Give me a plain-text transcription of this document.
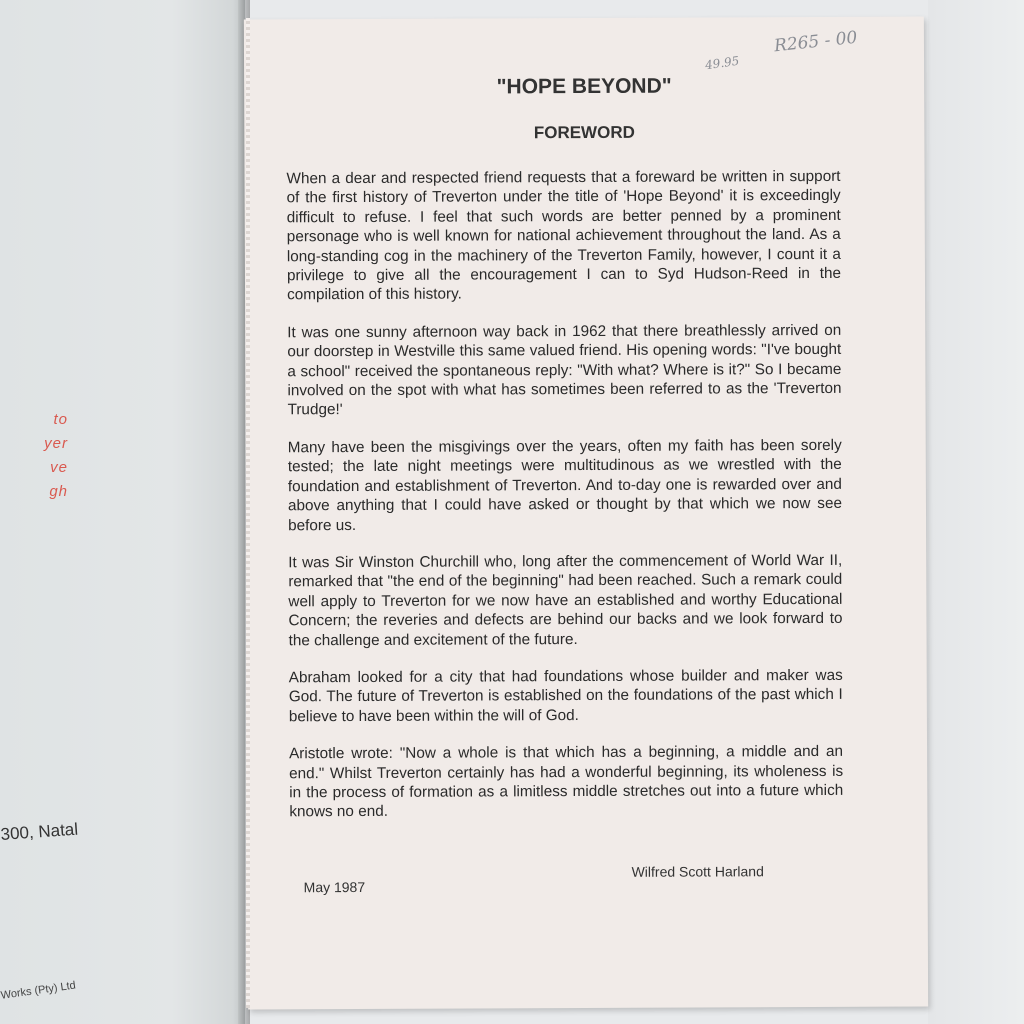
to
yer
ve
gh
300, Natal
Works (Pty) Ltd
"HOPE BEYOND"
FOREWORD

When a dear and respected friend requests that a foreward be written in support of the first history of Treverton under the title of 'Hope Beyond' it is exceedingly difficult to refuse. I feel that such words are better penned by a prominent personage who is well known for national achievement throughout the land. As a long-standing cog in the machinery of the Treverton Family, however, I count it a privilege to give all the encouragement I can to Syd Hudson-Reed in the compilation of this history.

It was one sunny afternoon way back in 1962 that there breathlessly arrived on our doorstep in Westville this same valued friend. His opening words: "I've bought a school" received the spontaneous reply: "With what? Where is it?" So I became involved on the spot with what has sometimes been referred to as the 'Treverton Trudge!'

Many have been the misgivings over the years, often my faith has been sorely tested; the late night meetings were multitudinous as we wrestled with the foundation and establishment of Treverton. And to-day one is rewarded over and above anything that I could have asked or thought by that which we now see before us.

It was Sir Winston Churchill who, long after the commencement of World War II, remarked that "the end of the beginning" had been reached. Such a remark could well apply to Treverton for we now have an established and worthy Educational Concern; the reveries and defects are behind our backs and we look forward to the challenge and excitement of the future.

Abraham looked for a city that had foundations whose builder and maker was God. The future of Treverton is established on the foundations of the past which I believe to have been within the will of God.

Aristotle wrote: "Now a whole is that which has a beginning, a middle and an end." Whilst Treverton certainly has had a wonderful beginning, its wholeness is in the process of formation as a limitless middle stretches out into a future which knows no end.

Wilfred Scott Harland
May 1987
49.95
R265 - 00
